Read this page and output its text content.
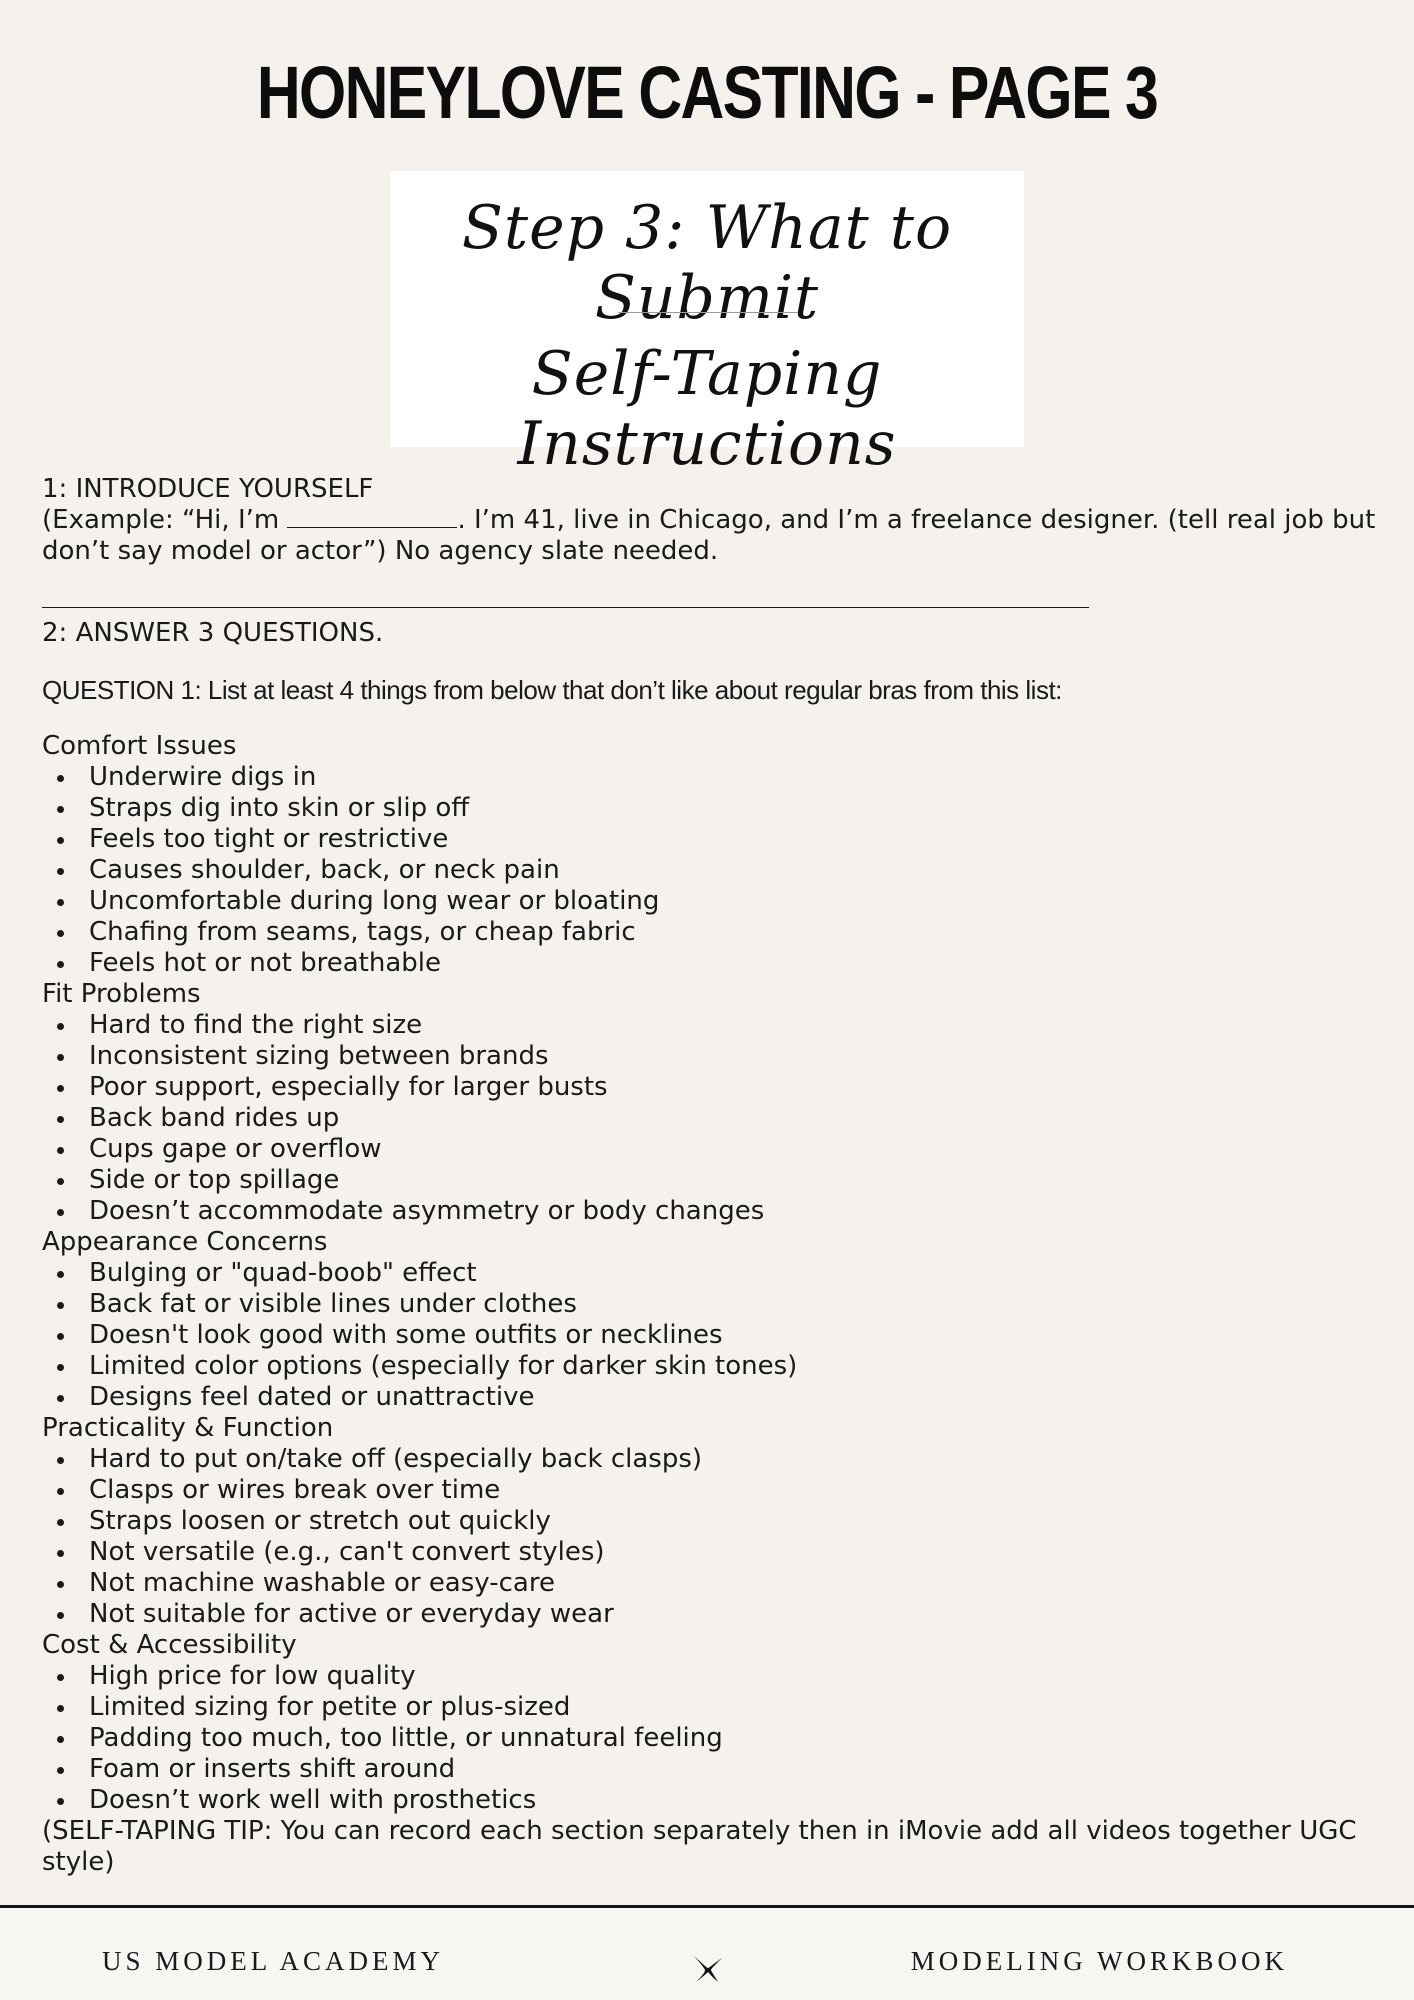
HONEYLOVE CASTING - PAGE 3
Step 3: What to Submit
Self-Taping Instructions

1: INTRODUCE YOURSELF

(Example: “Hi, I’m	. I’m 41, live in Chicago, and I’m a freelance designer. (tell real job but don’t say model or actor”) No agency slate needed.

2: ANSWER 3 QUESTIONS.

QUESTION 1: List at least 4 things from below that don’t like about regular bras from this list:

Comfort Issues

Underwire digs in
Straps dig into skin or slip off
Feels too tight or restrictive
Causes shoulder, back, or neck pain
Uncomfortable during long wear or bloating
Chafing from seams, tags, or cheap fabric
Feels hot or not breathable

Fit Problems

Hard to find the right size
Inconsistent sizing between brands
Poor support, especially for larger busts
Back band rides up
Cups gape or overflow
Side or top spillage
Doesn’t accommodate asymmetry or body changes

Appearance Concerns

Bulging or "quad-boob" effect
Back fat or visible lines under clothes
Doesn't look good with some outfits or necklines
Limited color options (especially for darker skin tones)
Designs feel dated or unattractive

Practicality & Function

Hard to put on/take off (especially back clasps)
Clasps or wires break over time
Straps loosen or stretch out quickly
Not versatile (e.g., can't convert styles)
Not machine washable or easy-care
Not suitable for active or everyday wear

Cost & Accessibility

High price for low quality
Limited sizing for petite or plus-sized
Padding too much, too little, or unnatural feeling
Foam or inserts shift around
Doesn’t work well with prosthetics

(SELF-TAPING TIP: You can record each section separately then in iMovie add all videos together UGC style)

US MODEL ACADEMY	MODELING WORKBOOK
